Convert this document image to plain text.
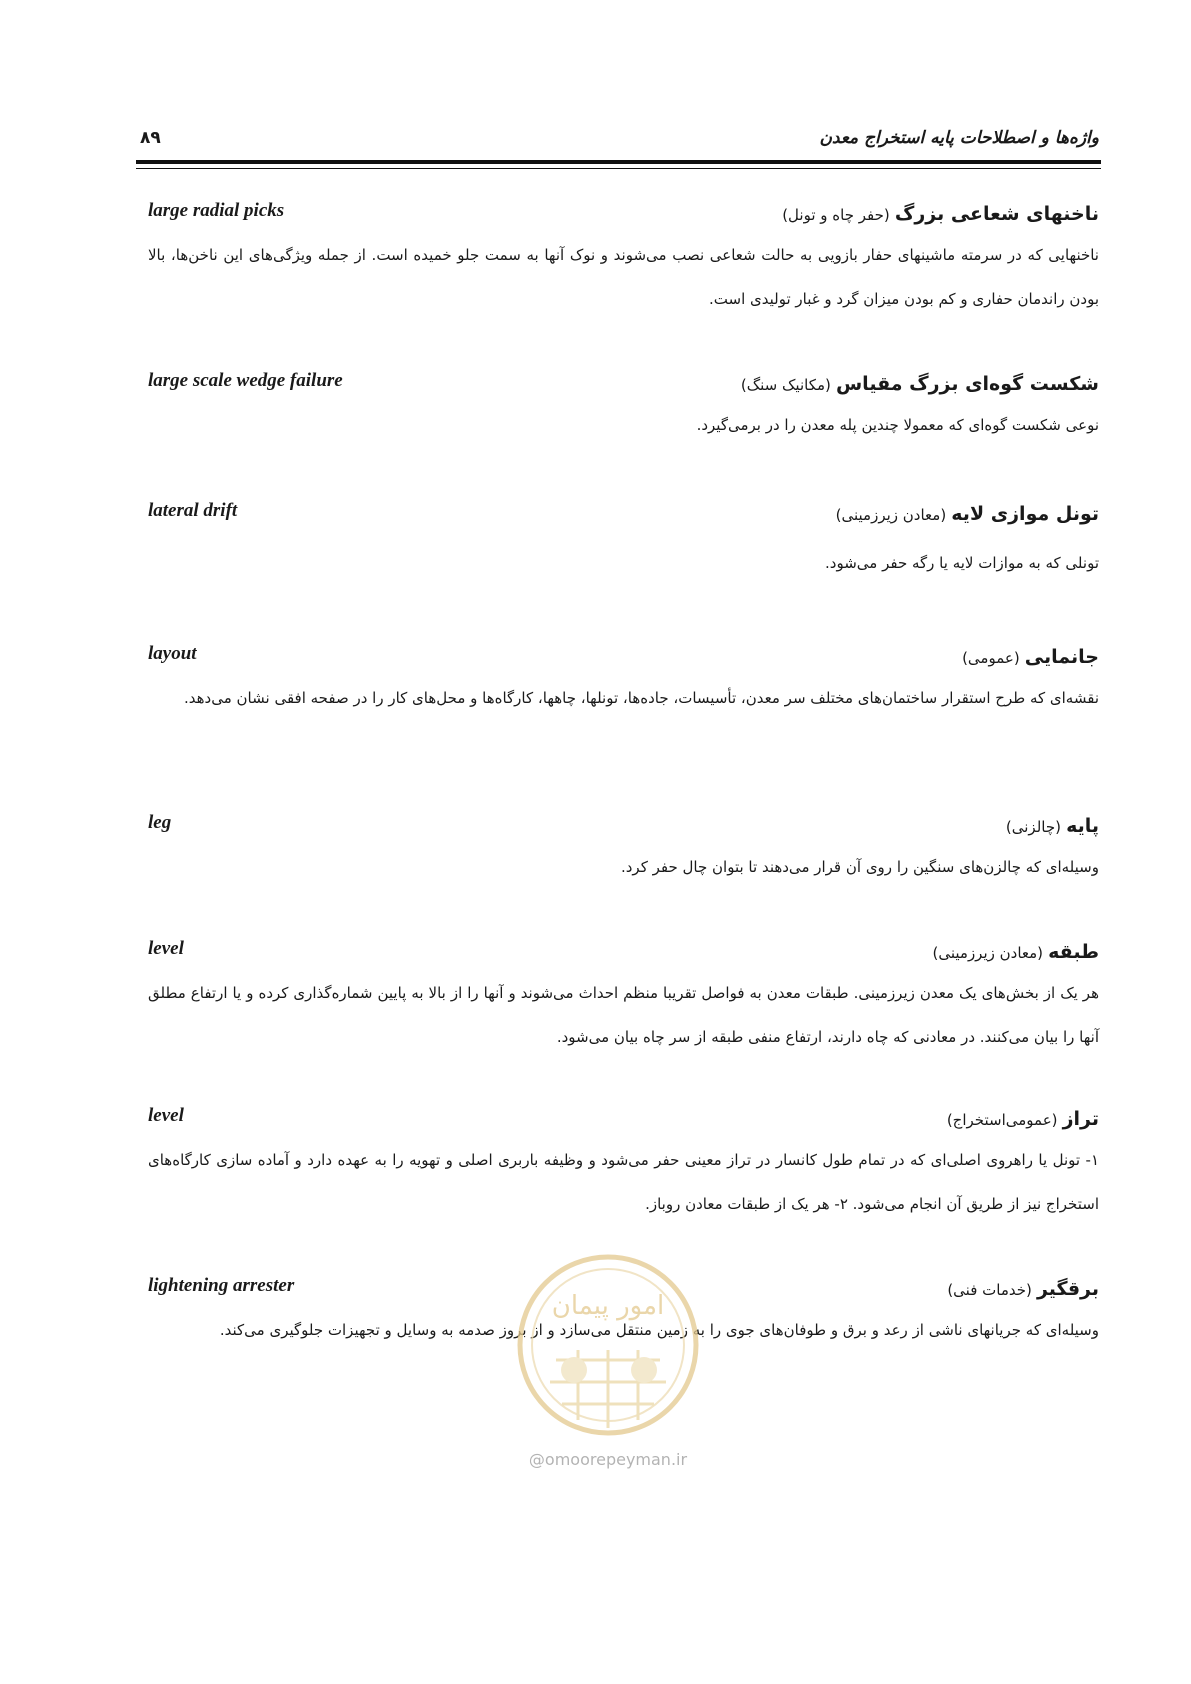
واژه‌ها و اصطلاحات پایه استخراج معدن
۸۹
large radial picks	ناخنهای شعاعی بزرگ (حفر چاه و تونل)
ناخنهایی که در سرمته ماشینهای حفار بازویی به حالت شعاعی نصب می‌شوند و نوک آنها به سمت جلو خمیده است. از جمله ویژگی‌های این ناخن‌ها، بالا بودن راندمان حفاری و کم بودن میزان گرد و غبار تولیدی است.
large scale wedge failure	شکست گوه‌ای بزرگ مقیاس (مکانیک سنگ)
نوعی شکست گوه‌ای که معمولا چندین پله معدن را در برمی‌گیرد.
lateral drift	تونل موازی لایه (معادن زیرزمینی)
تونلی که به موازات لایه یا رگه حفر می‌شود.
layout	جانمایی (عمومی)
نقشه‌ای که طرح استقرار ساختمان‌های مختلف سر معدن، تأسیسات، جاده‌ها، تونلها، چاهها، کارگاه‌ها و محل‌های کار را در صفحه افقی نشان می‌دهد.
leg	پایه (چالزنی)
وسیله‌ای که چالزن‌های سنگین را روی آن قرار می‌دهند تا بتوان چال حفر کرد.
level	طبقه (معادن زیرزمینی)
هر یک از بخش‌های یک معدن زیرزمینی. طبقات معدن به فواصل تقریبا منظم احداث می‌شوند و آنها را از بالا به پایین شماره‌گذاری کرده و یا ارتفاع مطلق آنها را بیان می‌کنند. در معادنی که چاه دارند، ارتفاع منفی طبقه از سر چاه بیان می‌شود.
level	تراز (عمومی‌استخراج)
۱- تونل یا راهروی اصلی‌ای که در تمام طول کانسار در تراز معینی حفر می‌شود و وظیفه باربری اصلی و تهویه را به عهده دارد و آماده سازی کارگاه‌های استخراج نیز از طریق آن انجام می‌شود. ۲- هر یک از طبقات معادن روباز.
lightening arrester	برقگیر (خدمات فنی)
وسیله‌ای که جریانهای ناشی از رعد و برق و طوفان‌های جوی را به زمین منتقل می‌سازد و از بروز صدمه به وسایل و تجهیزات جلوگیری می‌کند.
امور پیمان
@omoorepeyman.ir
